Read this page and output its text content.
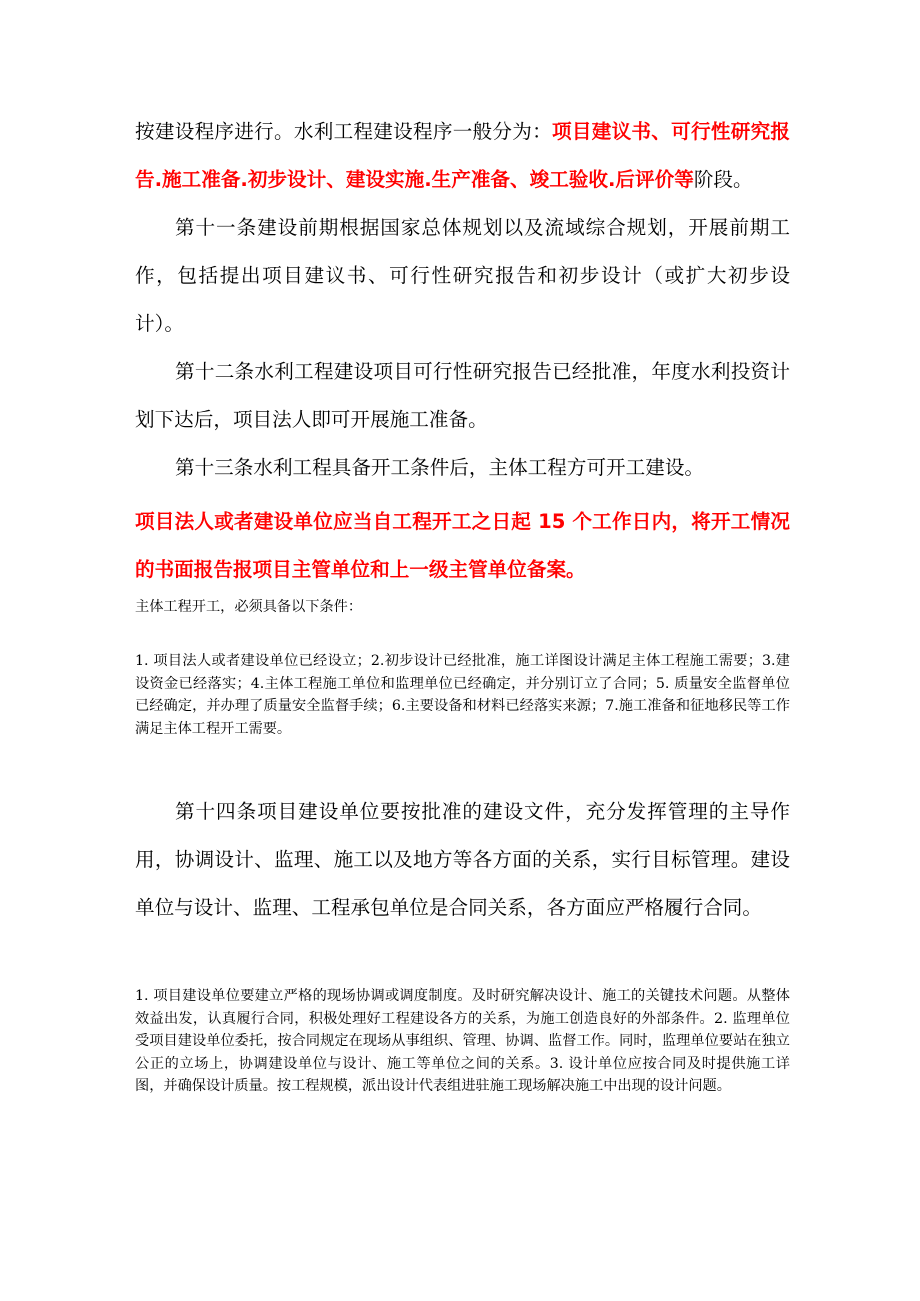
按建设程序进行。水利工程建设程序一般分为：项目建议书、可行性研究报告.施工准备.初步设计、建设实施.生产准备、竣工验收.后评价等阶段。

第十一条建设前期根据国家总体规划以及流域综合规划，开展前期工作，包括提出项目建议书、可行性研究报告和初步设计（或扩大初步设计）。

第十二条水利工程建设项目可行性研究报告已经批准，年度水利投资计划下达后，项目法人即可开展施工准备。

第十三条水利工程具备开工条件后，主体工程方可开工建设。

项目法人或者建设单位应当自工程开工之日起 15 个工作日内，将开工情况的书面报告报项目主管单位和上一级主管单位备案。

主体工程开工，必须具备以下条件：

1. 项目法人或者建设单位已经设立；2.初步设计已经批准，施工详图设计满足主体工程施工需要；3.建设资金已经落实；4.主体工程施工单位和监理单位已经确定，并分别订立了合同；5. 质量安全监督单位已经确定，并办理了质量安全监督手续；6.主要设备和材料已经落实来源；7.施工准备和征地移民等工作满足主体工程开工需要。

第十四条项目建设单位要按批准的建设文件，充分发挥管理的主导作用，协调设计、监理、施工以及地方等各方面的关系，实行目标管理。建设单位与设计、监理、工程承包单位是合同关系，各方面应严格履行合同。

1. 项目建设单位要建立严格的现场协调或调度制度。及时研究解决设计、施工的关键技术问题。从整体效益出发，认真履行合同，积极处理好工程建设各方的关系，为施工创造良好的外部条件。2. 监理单位受项目建设单位委托，按合同规定在现场从事组织、管理、协调、监督工作。同时，监理单位要站在独立公正的立场上，协调建设单位与设计、施工等单位之间的关系。3. 设计单位应按合同及时提供施工详图，并确保设计质量。按工程规模，派出设计代表组进驻施工现场解决施工中出现的设计问题。
